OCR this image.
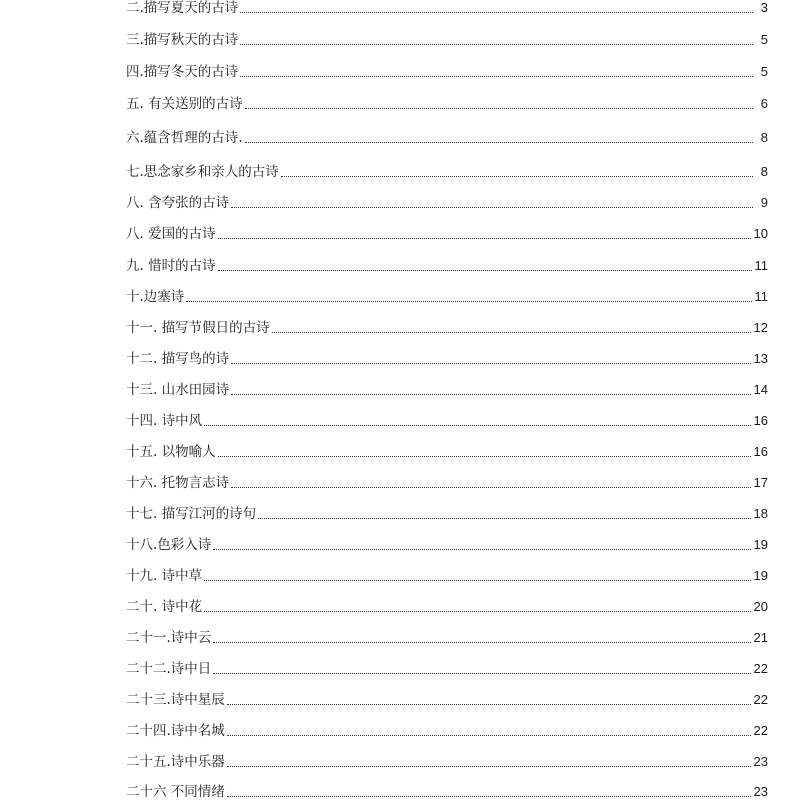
二.描写夏天的古诗	3
三.描写秋天的古诗	5
四.描写冬天的古诗	5
五. 有关送别的古诗	6
六.蕴含哲理的古诗.	8
七.思念家乡和亲人的古诗	8
八. 含夸张的古诗	9
八. 爱国的古诗	10
九. 惜时的古诗	11
十.边塞诗	11
十一. 描写节假日的古诗	12
十二. 描写鸟的诗	13
十三. 山水田园诗	14
十四. 诗中风	16
十五. 以物喻人	16
十六. 托物言志诗	17
十七. 描写江河的诗句	18
十八.色彩入诗	19
十九. 诗中草	19
二十. 诗中花	20
二十一.诗中云	21
二十二.诗中日	22
二十三.诗中星辰	22
二十四.诗中名城	22
二十五.诗中乐器	23
二十六 不同情绪	23
